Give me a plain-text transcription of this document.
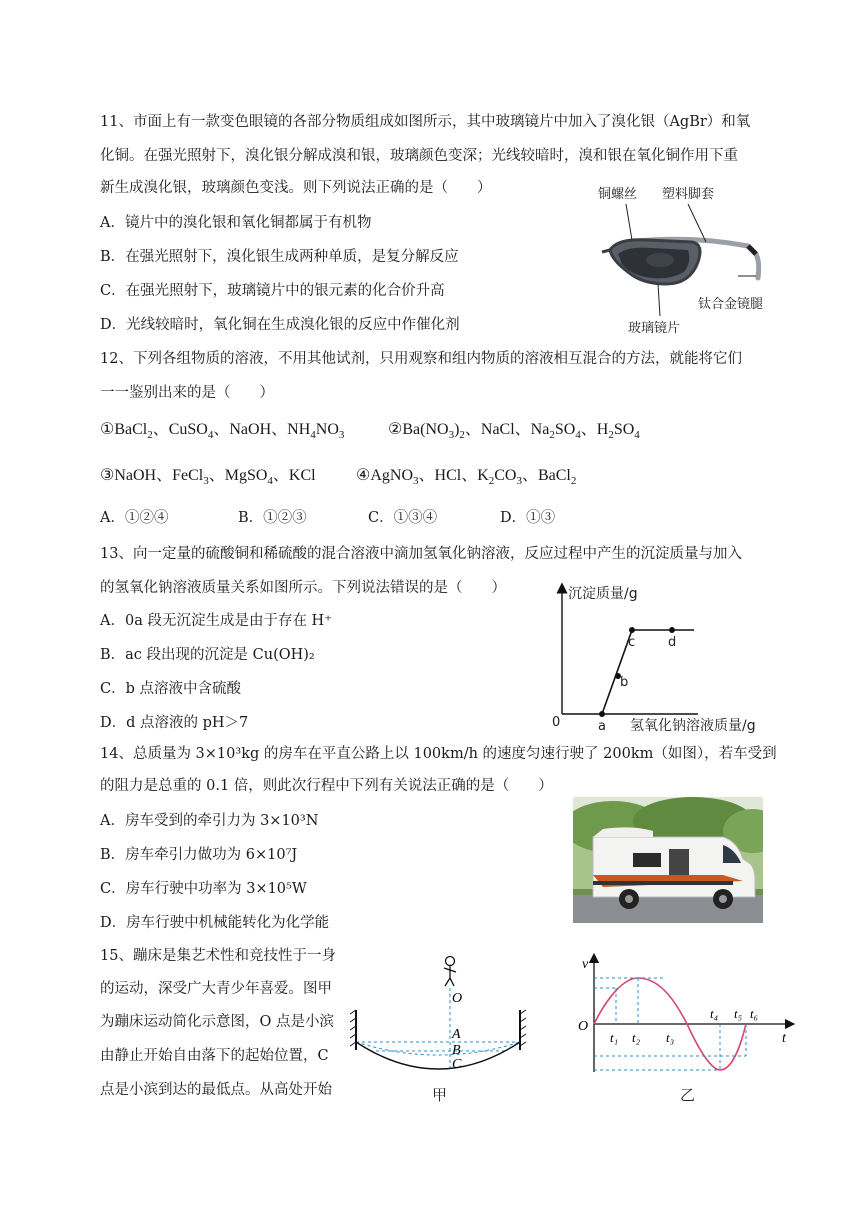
11、市面上有一款变色眼镜的各部分物质组成如图所示，其中玻璃镜片中加入了溴化银（AgBr）和氧
化铜。在强光照射下，溴化银分解成溴和银，玻璃颜色变深；光线较暗时，溴和银在氧化铜作用下重
新生成溴化银，玻璃颜色变浅。则下列说法正确的是（　　）
A．镜片中的溴化银和氧化铜都属于有机物
B．在强光照射下，溴化银生成两种单质，是复分解反应
C．在强光照射下，玻璃镜片中的银元素的化合价升高
D．光线较暗时，氧化铜在生成溴化银的反应中作催化剂
铜螺丝 塑料脚套
钛合金镜腿
玻璃镜片
12、下列各组物质的溶液，不用其他试剂，只用观察和组内物质的溶液相互混合的方法，就能将它们
一一鉴别出来的是（　　）
①BaCl$_2$、CuSO$_4$、NaOH、$NH_4NO_3$	$②Ba(NO_3)_2$、NaCl、$Na_2SO_4$、$H_2SO_4$
③NaOH、FeCl$_3$、MgSO$_4$、KCl	④AgNO$_3$、HCl、$K_2CO_3$、BaCl$_2$
A．①②④	B．①②③	C．①③④	D．①③
13、向一定量的硫酸铜和稀硫酸的混合溶液中滴加氢氧化钠溶液，反应过程中产生的沉淀质量与加入
的氢氧化钠溶液质量关系如图所示。下列说法错误的是（　　）
A．0a 段无沉淀生成是由于存在 H⁺
B．ac 段出现的沉淀是 Cu(OH)₂
C．b 点溶液中含硫酸
D．d 点溶液的 pH＞7
沉淀质量/g
0	a
b
c	d
氢氧化钠溶液质量/g
14、总质量为 3×10³kg 的房车在平直公路上以 100km/h 的速度匀速行驶了 200km（如图），若车受到
的阻力是总重的 0.1 倍，则此次行程中下列有关说法正确的是（　　）
A．房车受到的牵引力为 3×10³N
B．房车牵引力做功为 6×10⁷J
C．房车行驶中功率为 3×10⁵W
D．房车行驶中机械能转化为化学能
15、蹦床是集艺术性和竞技性于一身
的运动，深受广大青少年喜爱。图甲
为蹦床运动简化示意图，O 点是小滨
由静止开始自由落下的起始位置，C
点是小滨到达的最低点。从高处开始
O
A
B
C
甲
v
t
O
t₁ t₂ t₃
t₄ t₅ t₆
乙
